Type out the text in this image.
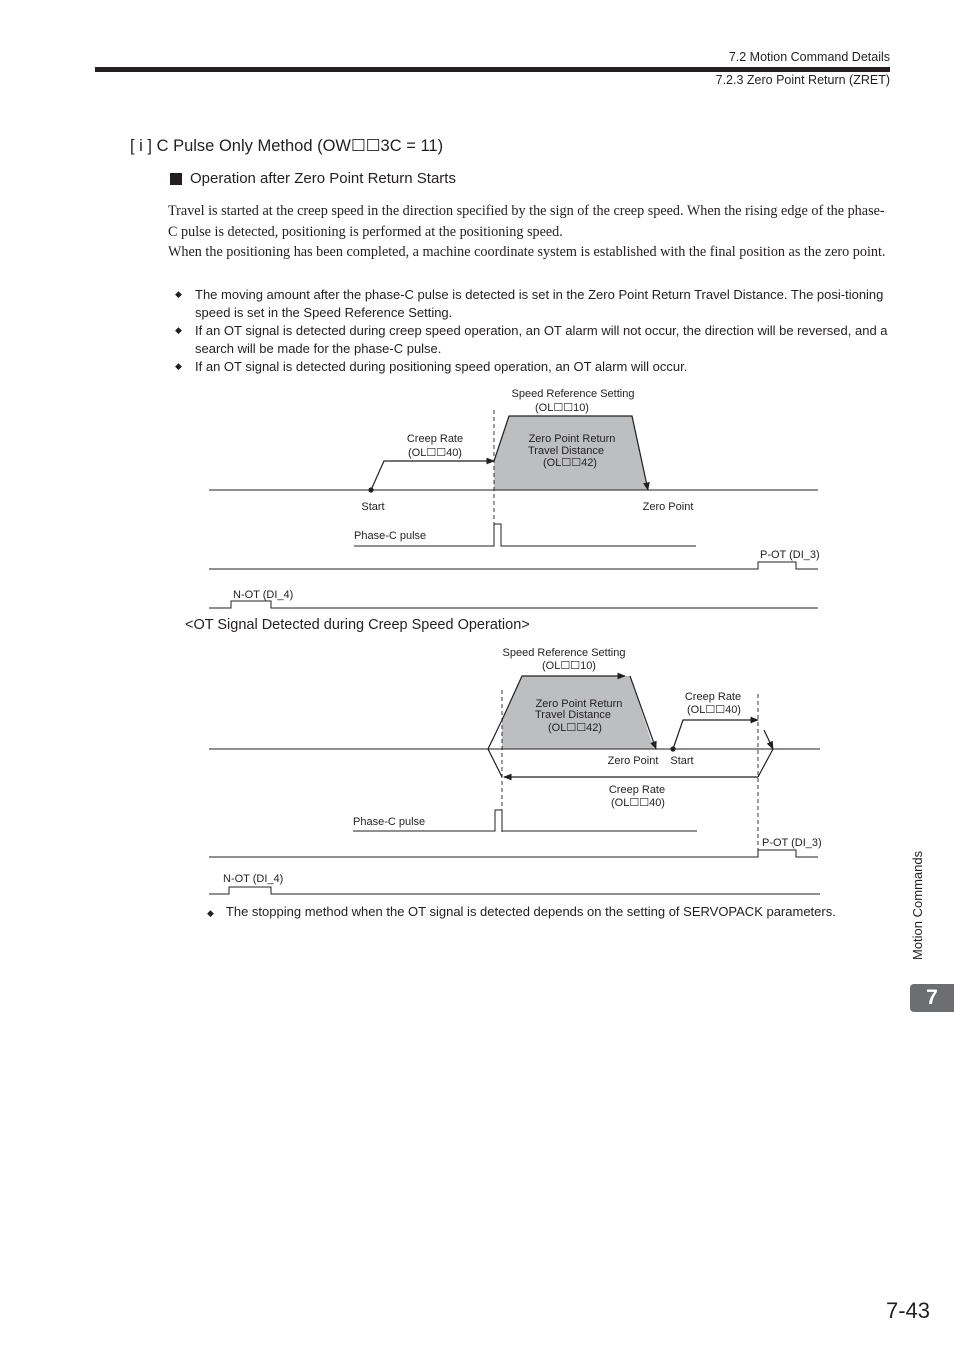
7.2 Motion Command Details
7.2.3 Zero Point Return (ZRET)
[ i ] C Pulse Only Method (OW☐☐3C = 11)
Operation after Zero Point Return Starts

Travel is started at the creep speed in the direction specified by the sign of the creep speed. When the rising edge of the phase-C pulse is detected, positioning is performed at the positioning speed.

When the positioning has been completed, a machine coordinate system is established with the final position as the zero point.

◆ The moving amount after the phase-C pulse is detected is set in the Zero Point Return Travel Distance. The posi-tioning speed is set in the Speed Reference Setting.
◆ If an OT signal is detected during creep speed operation, an OT alarm will not occur, the direction will be reversed, and a search will be made for the phase-C pulse.
◆ If an OT signal is detected during positioning speed operation, an OT alarm will occur.
Speed Reference Setting
(OL☐☐10)
Creep Rate
(OL☐☐40)
Zero Point Return
Travel Distance
(OL☐☐42)
Start	Zero Point
Phase-C pulse
P-OT (DI_3)
N-OT (DI_4)
<OT Signal Detected during Creep Speed Operation>
Speed Reference Setting
(OL☐☐10)
Zero Point Return
Travel Distance
(OL☐☐42)
Creep Rate
(OL☐☐40)
Zero Point Start
Creep Rate
(OL☐☐40)
Phase-C pulse
P-OT (DI_3)
N-OT (DI_4)
◆ The stopping method when the OT signal is detected depends on the setting of SERVOPACK parameters.	Motion Commands
7
7-43
